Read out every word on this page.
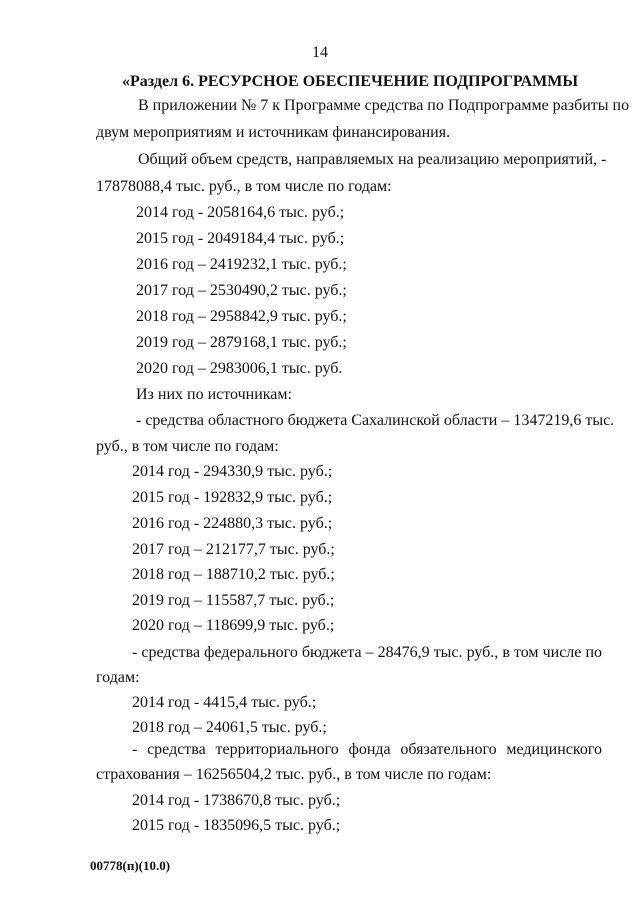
14
«Раздел 6. РЕСУРСНОЕ ОБЕСПЕЧЕНИЕ ПОДПРОГРАММЫ
В приложении № 7 к Программе средства по Подпрограмме разбиты по
двум мероприятиям и источникам финансирования.
Общий объем средств, направляемых на реализацию мероприятий, -
17878088,4 тыс. руб., в том числе по годам:
2014 год - 2058164,6 тыс. руб.;
2015 год - 2049184,4 тыс. руб.;
2016 год – 2419232,1 тыс. руб.;
2017 год – 2530490,2 тыс. руб.;
2018 год – 2958842,9 тыс. руб.;
2019 год – 2879168,1 тыс. руб.;
2020 год – 2983006,1 тыс. руб.
Из них по источникам:
- средства областного бюджета Сахалинской области – 1347219,6 тыс.
руб., в том числе по годам:
2014 год - 294330,9 тыс. руб.;
2015 год - 192832,9 тыс. руб.;
2016 год - 224880,3 тыс. руб.;
2017 год – 212177,7 тыс. руб.;
2018 год – 188710,2 тыс. руб.;
2019 год – 115587,7 тыс. руб.;
2020 год – 118699,9 тыс. руб.;
- средства федерального бюджета – 28476,9 тыс. руб., в том числе по
годам:
2014 год - 4415,4 тыс. руб.;
2018 год – 24061,5 тыс. руб.;
- средства территориального фонда обязательного медицинского
страхования – 16256504,2 тыс. руб., в том числе по годам:
2014 год - 1738670,8 тыс. руб.;
2015 год - 1835096,5 тыс. руб.;
00778(п)(10.0)
